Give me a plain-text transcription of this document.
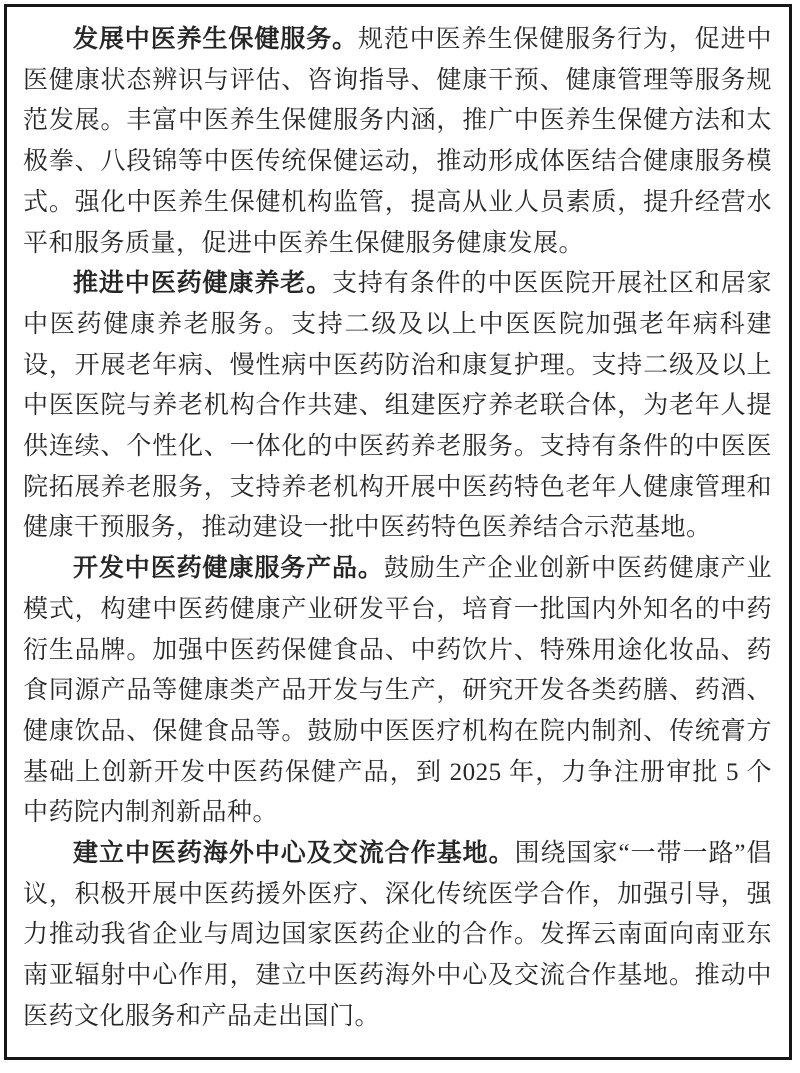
发展中医养生保健服务。规范中医养生保健服务行为，促进中医健康状态辨识与评估、咨询指导、健康干预、健康管理等服务规范发展。丰富中医养生保健服务内涵，推广中医养生保健方法和太极拳、八段锦等中医传统保健运动，推动形成体医结合健康服务模式。强化中医养生保健机构监管，提高从业人员素质，提升经营水平和服务质量，促进中医养生保健服务健康发展。

推进中医药健康养老。支持有条件的中医医院开展社区和居家中医药健康养老服务。支持二级及以上中医医院加强老年病科建设，开展老年病、慢性病中医药防治和康复护理。支持二级及以上中医医院与养老机构合作共建、组建医疗养老联合体，为老年人提供连续、个性化、一体化的中医药养老服务。支持有条件的中医医院拓展养老服务，支持养老机构开展中医药特色老年人健康管理和健康干预服务，推动建设一批中医药特色医养结合示范基地。

开发中医药健康服务产品。鼓励生产企业创新中医药健康产业模式，构建中医药健康产业研发平台，培育一批国内外知名的中药衍生品牌。加强中医药保健食品、中药饮片、特殊用途化妆品、药食同源产品等健康类产品开发与生产，研究开发各类药膳、药酒、健康饮品、保健食品等。鼓励中医医疗机构在院内制剂、传统膏方基础上创新开发中医药保健产品，到 2025 年，力争注册审批 5 个中药院内制剂新品种。

建立中医药海外中心及交流合作基地。围绕国家“一带一路”倡议，积极开展中医药援外医疗、深化传统医学合作，加强引导，强力推动我省企业与周边国家医药企业的合作。发挥云南面向南亚东南亚辐射中心作用，建立中医药海外中心及交流合作基地。推动中医药文化服务和产品走出国门。
